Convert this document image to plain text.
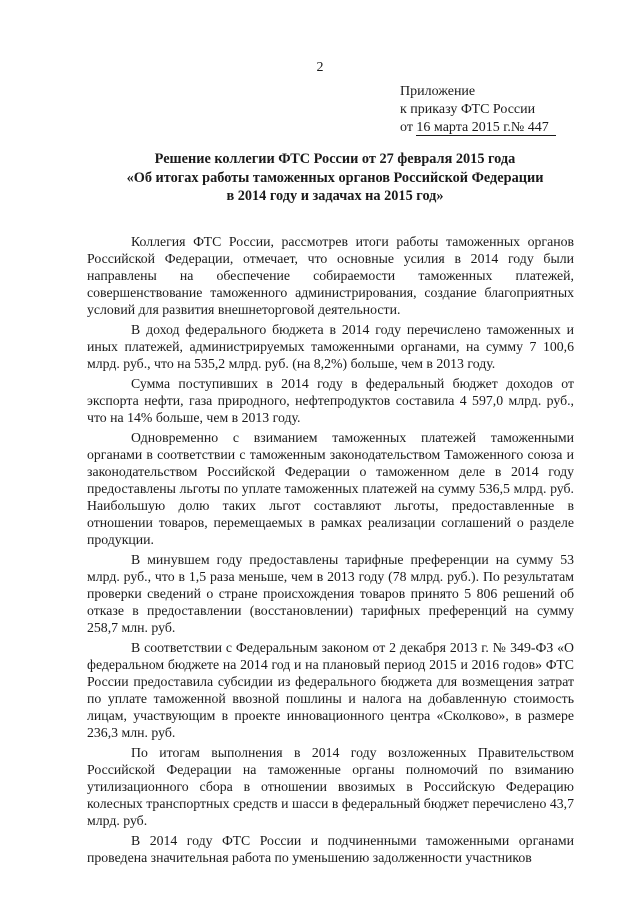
2
Приложение
к приказу ФТС России
от 16 марта 2015 г.№ 447
Решение коллегии ФТС России от 27 февраля 2015 года
«Об итогах работы таможенных органов Российской Федерации
в 2014 году и задачах на 2015 год»

Коллегия ФТС России, рассмотрев итоги работы таможенных органов Российской Федерации, отмечает, что основные усилия в 2014 году были направлены на обеспечение собираемости таможенных платежей, совершенствование таможенного администрирования, создание благоприятных условий для развития внешнеторговой деятельности.

В доход федерального бюджета в 2014 году перечислено таможенных и иных платежей, администрируемых таможенными органами, на сумму 7 100,6 млрд. руб., что на 535,2 млрд. руб. (на 8,2%) больше, чем в 2013 году.

Сумма поступивших в 2014 году в федеральный бюджет доходов от экспорта нефти, газа природного, нефтепродуктов составила 4 597,0 млрд. руб., что на 14% больше, чем в 2013 году.

Одновременно с взиманием таможенных платежей таможенными органами в соответствии с таможенным законодательством Таможенного союза и законодательством Российской Федерации о таможенном деле в 2014 году предоставлены льготы по уплате таможенных платежей на сумму 536,5 млрд. руб. Наибольшую долю таких льгот составляют льготы, предоставленные в отношении товаров, перемещаемых в рамках реализации соглашений о разделе продукции.

В минувшем году предоставлены тарифные преференции на сумму 53 млрд. руб., что в 1,5 раза меньше, чем в 2013 году (78 млрд. руб.). По результатам проверки сведений о стране происхождения товаров принято 5 806 решений об отказе в предоставлении (восстановлении) тарифных преференций на сумму 258,7 млн. руб.

В соответствии с Федеральным законом от 2 декабря 2013 г. № 349-ФЗ «О федеральном бюджете на 2014 год и на плановый период 2015 и 2016 годов» ФТС России предоставила субсидии из федерального бюджета для возмещения затрат по уплате таможенной ввозной пошлины и налога на добавленную стоимость лицам, участвующим в проекте инновационного центра «Сколково», в размере 236,3 млн. руб.

По итогам выполнения в 2014 году возложенных Правительством Российской Федерации на таможенные органы полномочий по взиманию утилизационного сбора в отношении ввозимых в Российскую Федерацию колесных транспортных средств и шасси в федеральный бюджет перечислено 43,7 млрд. руб.

В 2014 году ФТС России и подчиненными таможенными органами проведена значительная работа по уменьшению задолженности участников
